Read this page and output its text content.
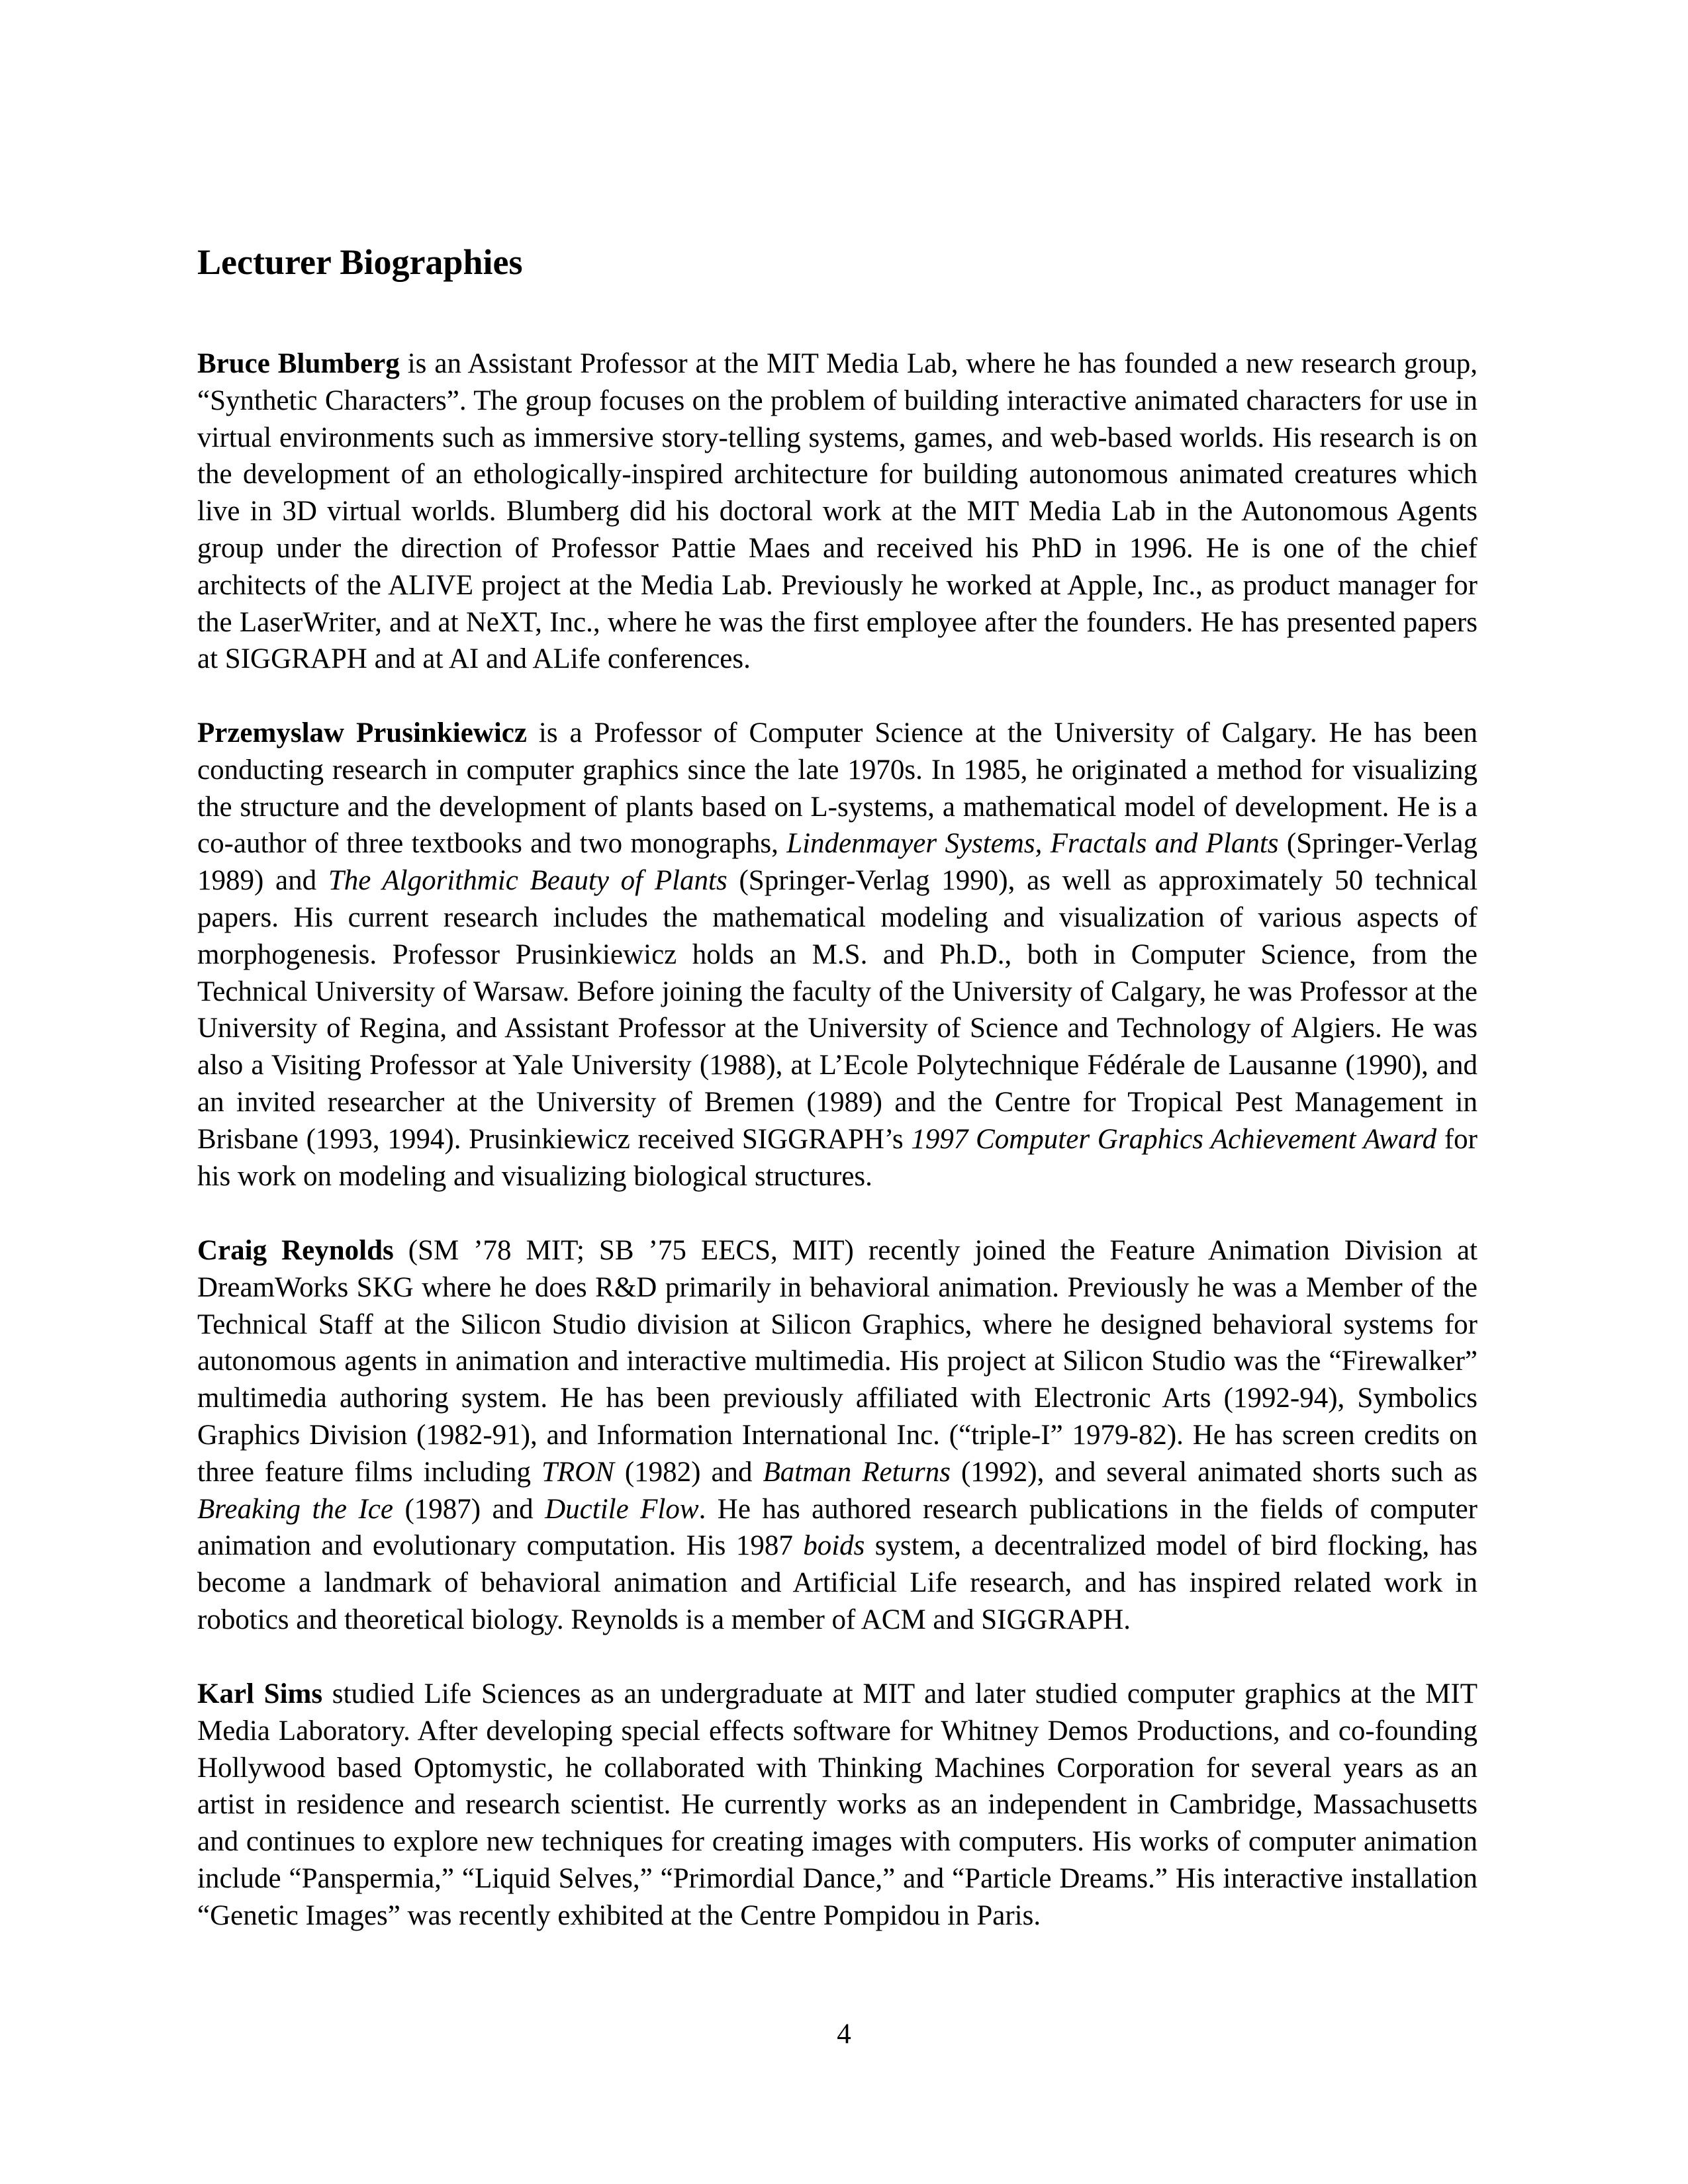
Lecturer Biographies

Bruce Blumberg is an Assistant Professor at the MIT Media Lab, where he has founded a new research group, “Synthetic Characters”. The group focuses on the problem of building interactive animated characters for use in virtual environments such as immersive story-telling systems, games, and web-based worlds. His research is on the development of an ethologically-inspired architecture for building autonomous animated creatures which live in 3D virtual worlds. Blumberg did his doctoral work at the MIT Media Lab in the Autonomous Agents group under the direction of Professor Pattie Maes and received his PhD in 1996. He is one of the chief architects of the ALIVE project at the Media Lab. Previously he worked at Apple, Inc., as product manager for the LaserWriter, and at NeXT, Inc., where he was the first employee after the founders. He has presented papers at SIGGRAPH and at AI and ALife conferences.

Przemyslaw Prusinkiewicz is a Professor of Computer Science at the University of Calgary. He has been conducting research in computer graphics since the late 1970s. In 1985, he originated a method for visualizing the structure and the development of plants based on L-systems, a mathematical model of development. He is a co-author of three textbooks and two monographs, Lindenmayer Systems, Fractals and Plants (Springer-Verlag 1989) and The Algorithmic Beauty of Plants (Springer-Verlag 1990), as well as approximately 50 technical papers. His current research includes the mathematical modeling and visualization of various aspects of morphogenesis. Professor Prusinkiewicz holds an M.S. and Ph.D., both in Computer Science, from the Technical University of Warsaw. Before joining the faculty of the University of Calgary, he was Professor at the University of Regina, and Assistant Professor at the University of Science and Technology of Algiers. He was also a Visiting Professor at Yale University (1988), at L’Ecole Polytechnique Fédérale de Lausanne (1990), and an invited researcher at the University of Bremen (1989) and the Centre for Tropical Pest Management in Brisbane (1993, 1994). Prusinkiewicz received SIGGRAPH’s 1997 Computer Graphics Achievement Award for his work on modeling and visualizing biological structures.

Craig Reynolds (SM ’78 MIT; SB ’75 EECS, MIT) recently joined the Feature Animation Division at DreamWorks SKG where he does R&D primarily in behavioral animation. Previously he was a Member of the Technical Staff at the Silicon Studio division at Silicon Graphics, where he designed behavioral systems for autonomous agents in animation and interactive multimedia. His project at Silicon Studio was the “Firewalker” multimedia authoring system. He has been previously affiliated with Electronic Arts (1992-94), Symbolics Graphics Division (1982-91), and Information International Inc. (“triple-I” 1979-82). He has screen credits on three feature films including TRON (1982) and Batman Returns (1992), and several animated shorts such as Breaking the Ice (1987) and Ductile Flow. He has authored research publications in the fields of computer animation and evolutionary computation. His 1987 boids system, a decentralized model of bird flocking, has become a landmark of behavioral animation and Artificial Life research, and has inspired related work in robotics and theoretical biology. Reynolds is a member of ACM and SIGGRAPH.

Karl Sims studied Life Sciences as an undergraduate at MIT and later studied computer graphics at the MIT Media Laboratory. After developing special effects software for Whitney Demos Productions, and co-founding Hollywood based Optomystic, he collaborated with Thinking Machines Corporation for several years as an artist in residence and research scientist. He currently works as an independent in Cambridge, Massachusetts and continues to explore new techniques for creating images with computers. His works of computer animation include “Panspermia,” “Liquid Selves,” “Primordial Dance,” and “Particle Dreams.” His interactive installation “Genetic Images” was recently exhibited at the Centre Pompidou in Paris.

4
